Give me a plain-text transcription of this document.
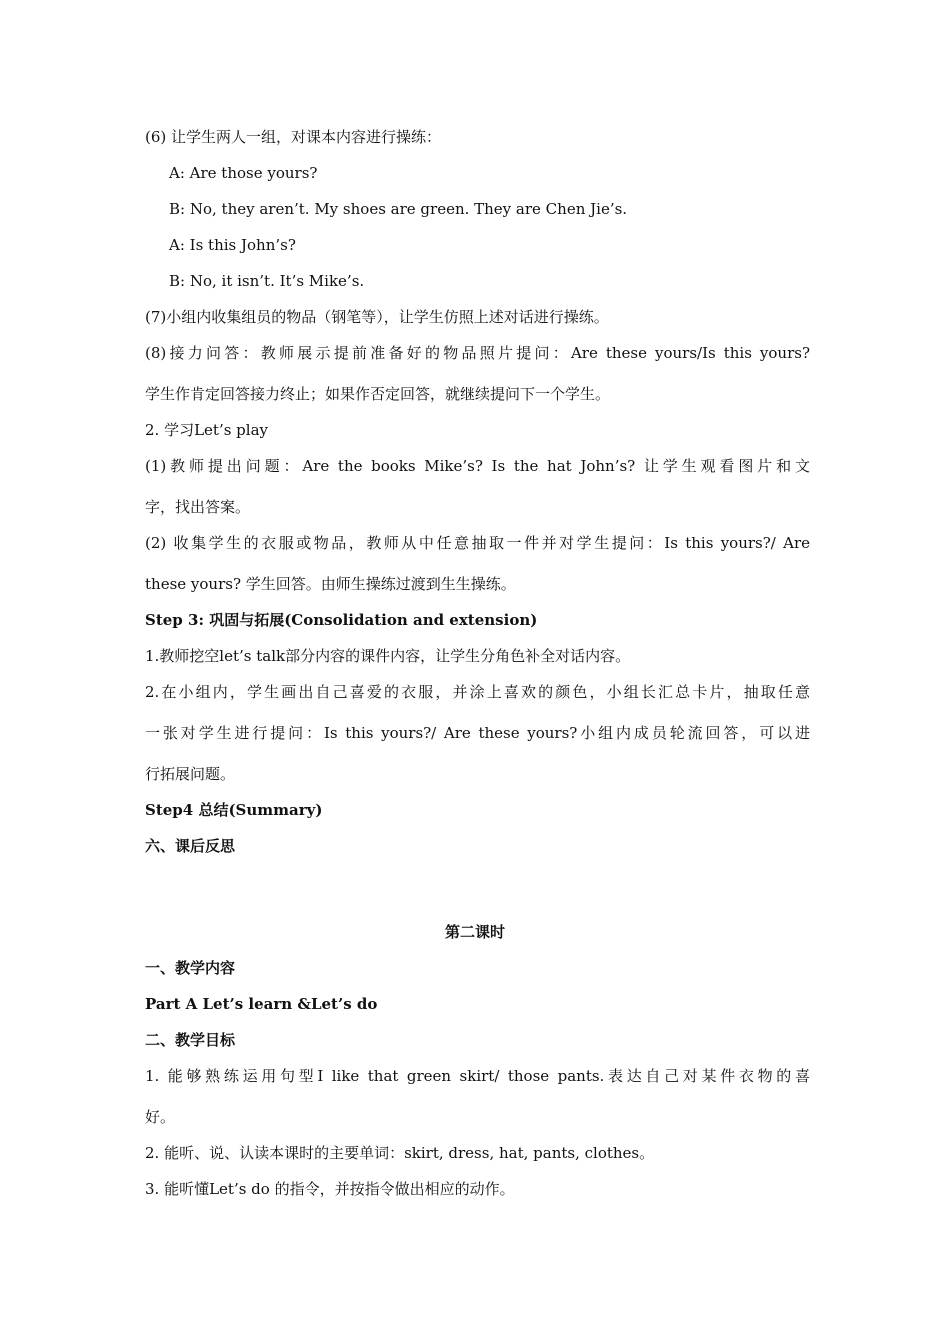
(6) 让学生两人一组，对课本内容进行操练：
A: Are those yours?
B: No, they aren’t. My shoes are green. They are Chen Jie’s.
A: Is this John’s?
B: No, it isn’t. It’s Mike’s.
(7)小组内收集组员的物品（钢笔等），让学生仿照上述对话进行操练。
(8)接力问答：教师展示提前准备好的物品照片提问：Are these yours/Is this yours?
学生作肯定回答接力终止；如果作否定回答，就继续提问下一个学生。
2. 学习Let’s play
(1)教师提出问题：Are the books Mike’s? Is the hat John’s? 让学生观看图片和文
字，找出答案。
(2) 收集学生的衣服或物品，教师从中任意抽取一件并对学生提问：Is this yours?/ Are
these yours? 学生回答。由师生操练过渡到生生操练。
Step 3: 巩固与拓展(Consolidation and extension)
1.教师挖空let’s talk部分内容的课件内容，让学生分角色补全对话内容。
2.在小组内，学生画出自己喜爱的衣服，并涂上喜欢的颜色，小组长汇总卡片，抽取任意
一张对学生进行提问：Is this yours?/ Are these yours?小组内成员轮流回答，可以进
行拓展问题。
Step4 总结(Summary)
六、课后反思
第二课时
一、教学内容
Part A Let’s learn &Let’s do
二、教学目标
1. 能够熟练运用句型I like that green skirt/ those pants.表达自己对某件衣物的喜
好。
2. 能听、说、认读本课时的主要单词：skirt, dress, hat, pants, clothes。
3. 能听懂Let’s do 的指令，并按指令做出相应的动作。
